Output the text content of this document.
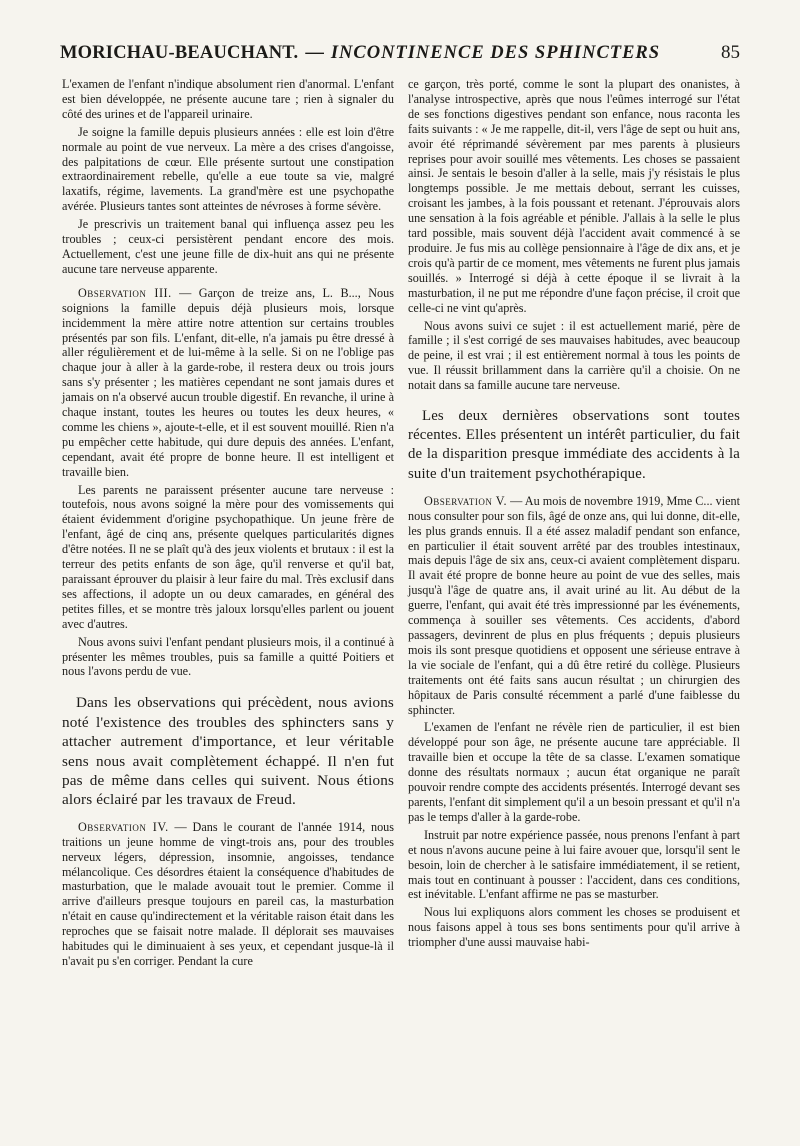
MORICHAU-BEAUCHANT. — INCONTINENCE DES SPHINCTERS	85

L'examen de l'enfant n'indique absolument rien d'anormal. L'enfant est bien développée, ne présente aucune tare ; rien à signaler du côté des urines et de l'appareil urinaire.

Je soigne la famille depuis plusieurs années : elle est loin d'être normale au point de vue nerveux. La mère a des crises d'angoisse, des palpitations de cœur. Elle présente surtout une constipation extraordinairement rebelle, qu'elle a eue toute sa vie, malgré laxatifs, régime, lavements. La grand'mère est une psychopathe avérée. Plusieurs tantes sont atteintes de névroses à forme sévère.

Je prescrivis un traitement banal qui influença assez peu les troubles ; ceux-ci persistèrent pendant encore des mois. Actuellement, c'est une jeune fille de dix-huit ans qui ne présente aucune tare nerveuse apparente.

Observation III. — Garçon de treize ans, L. B..., Nous soignions la famille depuis déjà plusieurs mois, lorsque incidemment la mère attire notre attention sur certains troubles présentés par son fils. L'enfant, dit-elle, n'a jamais pu être dressé à aller régulièrement et de lui-même à la selle. Si on ne l'oblige pas chaque jour à aller à la garde-robe, il restera deux ou trois jours sans s'y présenter ; les matières cependant ne sont jamais dures et jamais on n'a observé aucun trouble digestif. En revanche, il urine à chaque instant, toutes les heures ou toutes les deux heures, « comme les chiens », ajoute-t-elle, et il est souvent mouillé. Rien n'a pu empêcher cette habitude, qui dure depuis des années. L'enfant, cependant, avait été propre de bonne heure. Il est intelligent et travaille bien.

Les parents ne paraissent présenter aucune tare nerveuse : toutefois, nous avons soigné la mère pour des vomissements qui étaient évidemment d'origine psychopathique. Un jeune frère de l'enfant, âgé de cinq ans, présente quelques particularités dignes d'être notées. Il ne se plaît qu'à des jeux violents et brutaux : il est la terreur des petits enfants de son âge, qu'il renverse et qu'il bat, paraissant éprouver du plaisir à leur faire du mal. Très exclusif dans ses affections, il adopte un ou deux camarades, en général des petites filles, et se montre très jaloux lorsqu'elles parlent ou jouent avec d'autres.

Nous avons suivi l'enfant pendant plusieurs mois, il a continué à présenter les mêmes troubles, puis sa famille a quitté Poitiers et nous l'avons perdu de vue.

Dans les observations qui précèdent, nous avions noté l'existence des troubles des sphincters sans y attacher autrement d'importance, et leur véritable sens nous avait complètement échappé. Il n'en fut pas de même dans celles qui suivent. Nous étions alors éclairé par les travaux de Freud.

Observation IV. — Dans le courant de l'année 1914, nous traitions un jeune homme de vingt-trois ans, pour des troubles nerveux légers, dépression, insomnie, angoisses, tendance mélancolique. Ces désordres étaient la conséquence d'habitudes de masturbation, que le malade avouait tout le premier. Comme il arrive d'ailleurs presque toujours en pareil cas, la masturbation n'était en cause qu'indirectement et la véritable raison était dans les reproches que se faisait notre malade. Il déplorait ses mauvaises habitudes qui le diminuaient à ses yeux, et cependant jusque-là il n'avait pu s'en corriger. Pendant la cure

ce garçon, très porté, comme le sont la plupart des onanistes, à l'analyse introspective, après que nous l'eûmes interrogé sur l'état de ses fonctions digestives pendant son enfance, nous raconta les faits suivants : « Je me rappelle, dit-il, vers l'âge de sept ou huit ans, avoir été réprimandé sévèrement par mes parents à plusieurs reprises pour avoir souillé mes vêtements. Les choses se passaient ainsi. Je sentais le besoin d'aller à la selle, mais j'y résistais le plus longtemps possible. Je me mettais debout, serrant les cuisses, croisant les jambes, à la fois poussant et retenant. J'éprouvais alors une sensation à la fois agréable et pénible. J'allais à la selle le plus tard possible, mais souvent déjà l'accident avait commencé à se produire. Je fus mis au collège pensionnaire à l'âge de dix ans, et je crois qu'à partir de ce moment, mes vêtements ne furent plus jamais souillés. » Interrogé si déjà à cette époque il se livrait à la masturbation, il ne put me répondre d'une façon précise, il croit que celle-ci ne vint qu'après.

Nous avons suivi ce sujet : il est actuellement marié, père de famille ; il s'est corrigé de ses mauvaises habitudes, avec beaucoup de peine, il est vrai ; il est entièrement normal à tous les points de vue. Il réussit brillamment dans la carrière qu'il a choisie. On ne notait dans sa famille aucune tare nerveuse.

Les deux dernières observations sont toutes récentes. Elles présentent un intérêt particulier, du fait de la disparition presque immédiate des accidents à la suite d'un traitement psychothérapique.

Observation V. — Au mois de novembre 1919, Mme C... vient nous consulter pour son fils, âgé de onze ans, qui lui donne, dit-elle, les plus grands ennuis. Il a été assez maladif pendant son enfance, en particulier il était souvent arrêté par des troubles intestinaux, mais depuis l'âge de six ans, ceux-ci avaient complètement disparu. Il avait été propre de bonne heure au point de vue des selles, mais jusqu'à l'âge de quatre ans, il avait uriné au lit. Au début de la guerre, l'enfant, qui avait été très impressionné par les événements, commença à souiller ses vêtements. Ces accidents, d'abord passagers, devinrent de plus en plus fréquents ; depuis plusieurs mois ils sont presque quotidiens et opposent une sérieuse entrave à la vie sociale de l'enfant, qui a dû être retiré du collège. Plusieurs traitements ont été faits sans aucun résultat ; un chirurgien des hôpitaux de Paris consulté récemment a parlé d'une faiblesse du sphincter.

L'examen de l'enfant ne révèle rien de particulier, il est bien développé pour son âge, ne présente aucune tare appréciable. Il travaille bien et occupe la tête de sa classe. L'examen somatique donne des résultats normaux ; aucun état organique ne paraît pouvoir rendre compte des accidents présentés. Interrogé devant ses parents, l'enfant dit simplement qu'il a un besoin pressant et qu'il n'a pas le temps d'aller à la garde-robe.

Instruit par notre expérience passée, nous prenons l'enfant à part et nous n'avons aucune peine à lui faire avouer que, lorsqu'il sent le besoin, loin de chercher à le satisfaire immédiatement, il se retient, mais tout en continuant à pousser : l'accident, dans ces conditions, est inévitable. L'enfant affirme ne pas se masturber.

Nous lui expliquons alors comment les choses se produisent et nous faisons appel à tous ses bons sentiments pour qu'il arrive à triompher d'une aussi mauvaise habi-
